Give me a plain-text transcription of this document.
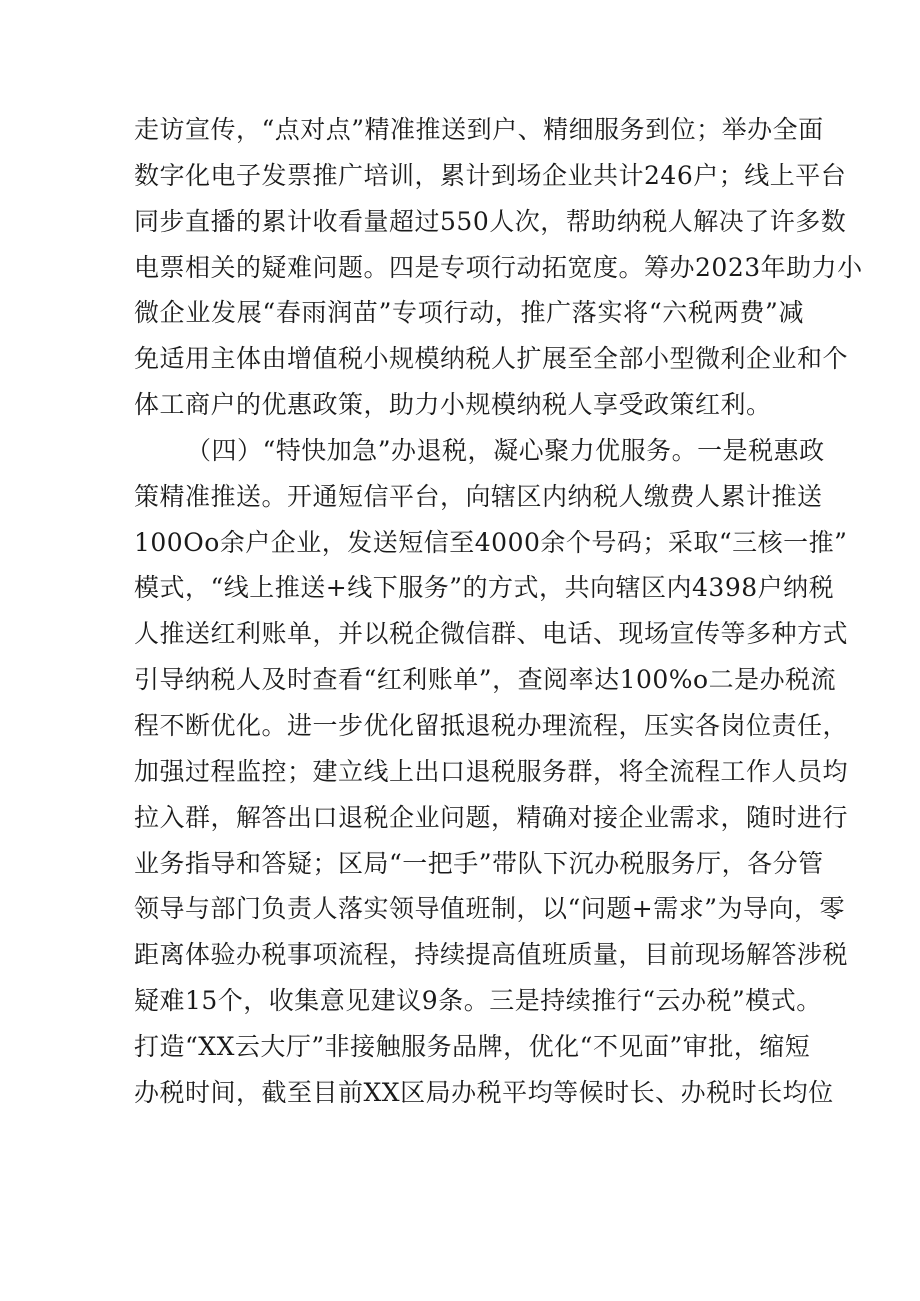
走访宣传，“点对点”精准推送到户、精细服务到位；举办全面
数字化电子发票推广培训，累计到场企业共计246户；线上平台
同步直播的累计收看量超过550人次，帮助纳税人解决了许多数
电票相关的疑难问题。四是专项行动拓宽度。筹办2023年助力小
微企业发展“春雨润苗”专项行动，推广落实将“六税两费”减
免适用主体由增值税小规模纳税人扩展至全部小型微利企业和个
体工商户的优惠政策，助力小规模纳税人享受政策红利。
（四）“特快加急”办退税，凝心聚力优服务。一是税惠政
策精准推送。开通短信平台，向辖区内纳税人缴费人累计推送
100Oo余户企业，发送短信至4000余个号码；采取“三核一推”
模式，“线上推送+线下服务”的方式，共向辖区内4398户纳税
人推送红利账单，并以税企微信群、电话、现场宣传等多种方式
引导纳税人及时查看“红利账单”，查阅率达100%o二是办税流
程不断优化。进一步优化留抵退税办理流程，压实各岗位责任，
加强过程监控；建立线上出口退税服务群，将全流程工作人员均
拉入群，解答出口退税企业问题，精确对接企业需求，随时进行
业务指导和答疑；区局“一把手”带队下沉办税服务厅，各分管
领导与部门负责人落实领导值班制，以“问题+需求”为导向，零
距离体验办税事项流程，持续提高值班质量，目前现场解答涉税
疑难15个，收集意见建议9条。三是持续推行“云办税”模式。
打造“XX云大厅”非接触服务品牌，优化“不见面”审批，缩短
办税时间，截至目前XX区局办税平均等候时长、办税时长均位
